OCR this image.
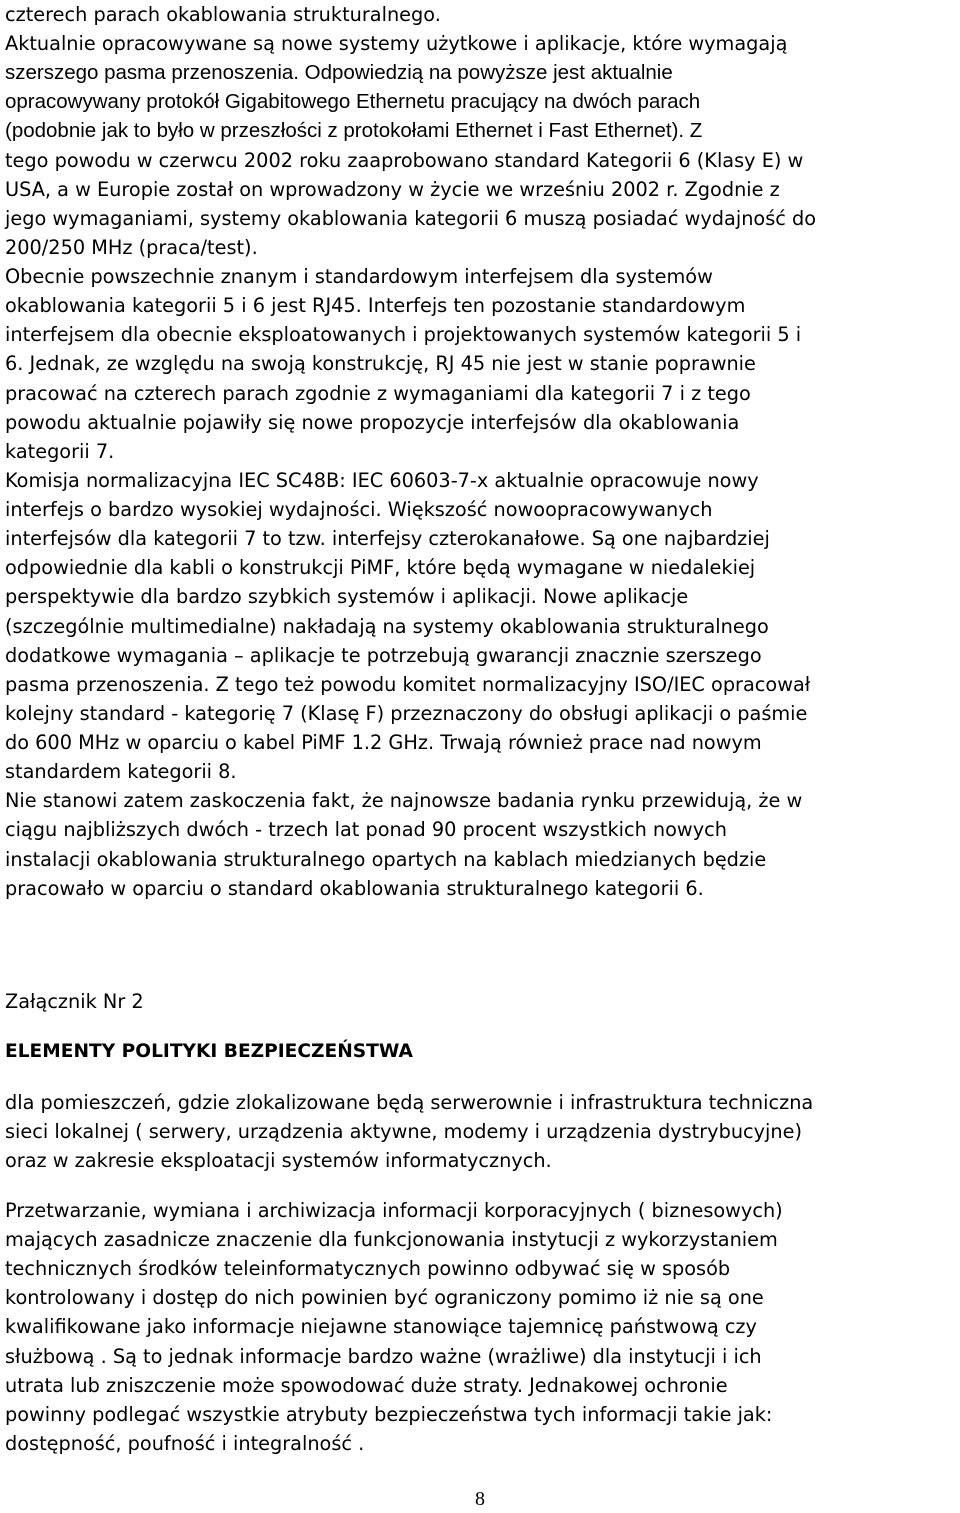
czterech parach okablowania strukturalnego.

Aktualnie opracowywane są nowe systemy użytkowe i aplikacje, które wymagają

szerszego pasma przenoszenia. Odpowiedzią na powyższe jest aktualnie

opracowywany protokół Gigabitowego Ethernetu pracujący na dwóch parach

(podobnie jak to było w przeszłości z protokołami Ethernet i Fast Ethernet). Z

tego powodu w czerwcu 2002 roku zaaprobowano standard Kategorii 6 (Klasy E) w

USA, a w Europie został on wprowadzony w życie we wrześniu 2002 r. Zgodnie z

jego wymaganiami, systemy okablowania kategorii 6 muszą posiadać wydajność do

200/250 MHz (praca/test).

Obecnie powszechnie znanym i standardowym interfejsem dla systemów

okablowania kategorii 5 i 6 jest RJ45. Interfejs ten pozostanie standardowym

interfejsem dla obecnie eksploatowanych i projektowanych systemów kategorii 5 i

6. Jednak, ze względu na swoją konstrukcję, RJ 45 nie jest w stanie poprawnie

pracować na czterech parach zgodnie z wymaganiami dla kategorii 7 i z tego

powodu aktualnie pojawiły się nowe propozycje interfejsów dla okablowania

kategorii 7.

Komisja normalizacyjna IEC SC48B: IEC 60603-7-x aktualnie opracowuje nowy

interfejs o bardzo wysokiej wydajności. Większość nowoopracowywanych

interfejsów dla kategorii 7 to tzw. interfejsy czterokanałowe. Są one najbardziej

odpowiednie dla kabli o konstrukcji PiMF, które będą wymagane w niedalekiej

perspektywie dla bardzo szybkich systemów i aplikacji. Nowe aplikacje

(szczególnie multimedialne) nakładają na systemy okablowania strukturalnego

dodatkowe wymagania – aplikacje te potrzebują gwarancji znacznie szerszego

pasma przenoszenia. Z tego też powodu komitet normalizacyjny ISO/IEC opracował

kolejny standard - kategorię 7 (Klasę F) przeznaczony do obsługi aplikacji o paśmie

do 600 MHz w oparciu o kabel PiMF 1.2 GHz. Trwają również prace nad nowym

standardem kategorii 8.

Nie stanowi zatem zaskoczenia fakt, że najnowsze badania rynku przewidują, że w

ciągu najbliższych dwóch - trzech lat ponad 90 procent wszystkich nowych

instalacji okablowania strukturalnego opartych na kablach miedzianych będzie

pracowało w oparciu o standard okablowania strukturalnego kategorii 6.

Załącznik Nr 2

ELEMENTY POLITYKI BEZPIECZEŃSTWA

dla pomieszczeń, gdzie zlokalizowane będą serwerownie i infrastruktura techniczna

sieci lokalnej ( serwery, urządzenia aktywne, modemy i urządzenia dystrybucyjne)

oraz w zakresie eksploatacji systemów informatycznych.

Przetwarzanie, wymiana i archiwizacja informacji korporacyjnych ( biznesowych)

mających zasadnicze znaczenie dla funkcjonowania instytucji z wykorzystaniem

technicznych środków teleinformatycznych powinno odbywać się w sposób

kontrolowany i dostęp do nich powinien być ograniczony pomimo iż nie są one

kwalifikowane jako informacje niejawne stanowiące tajemnicę państwową czy

służbową . Są to jednak informacje bardzo ważne (wrażliwe) dla instytucji i ich

utrata lub zniszczenie może spowodować duże straty. Jednakowej ochronie

powinny podlegać wszystkie atrybuty bezpieczeństwa tych informacji takie jak:

dostępność, poufność i integralność .

8
